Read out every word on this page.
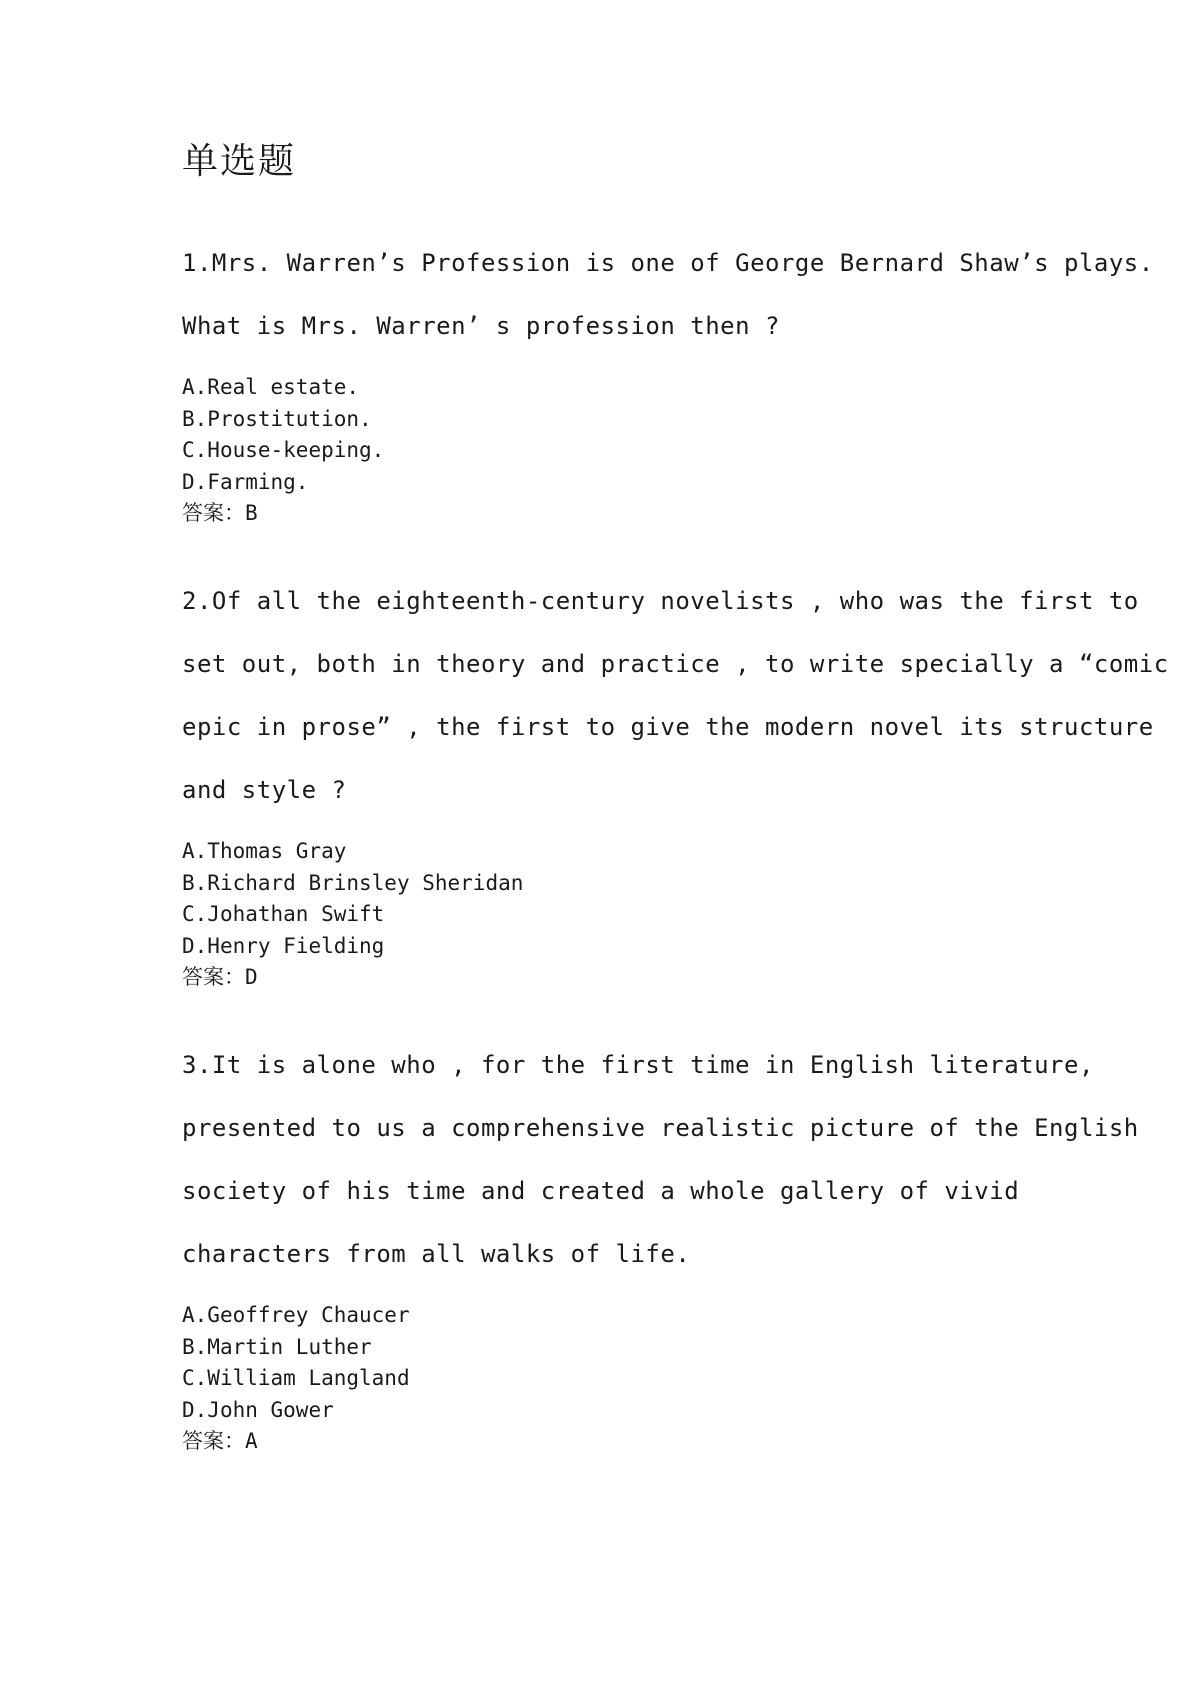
单选题
1.Mrs. Warren’s Profession is one of George Bernard Shaw’s plays.
What is Mrs. Warren’ s profession then ?
A.Real estate.
B.Prostitution.
C.House-keeping.
D.Farming.
答案：B
2.Of all the eighteenth-century novelists , who was the first to
set out, both in theory and practice , to write specially a “comic
epic in prose” , the first to give the modern novel its structure
and style ?
A.Thomas Gray
B.Richard Brinsley Sheridan
C.Johathan Swift
D.Henry Fielding
答案：D
3.It is alone who , for the first time in English literature,
presented to us a comprehensive realistic picture of the English
society of his time and created a whole gallery of vivid
characters from all walks of life.
A.Geoffrey Chaucer
B.Martin Luther
C.William Langland
D.John Gower
答案：A
